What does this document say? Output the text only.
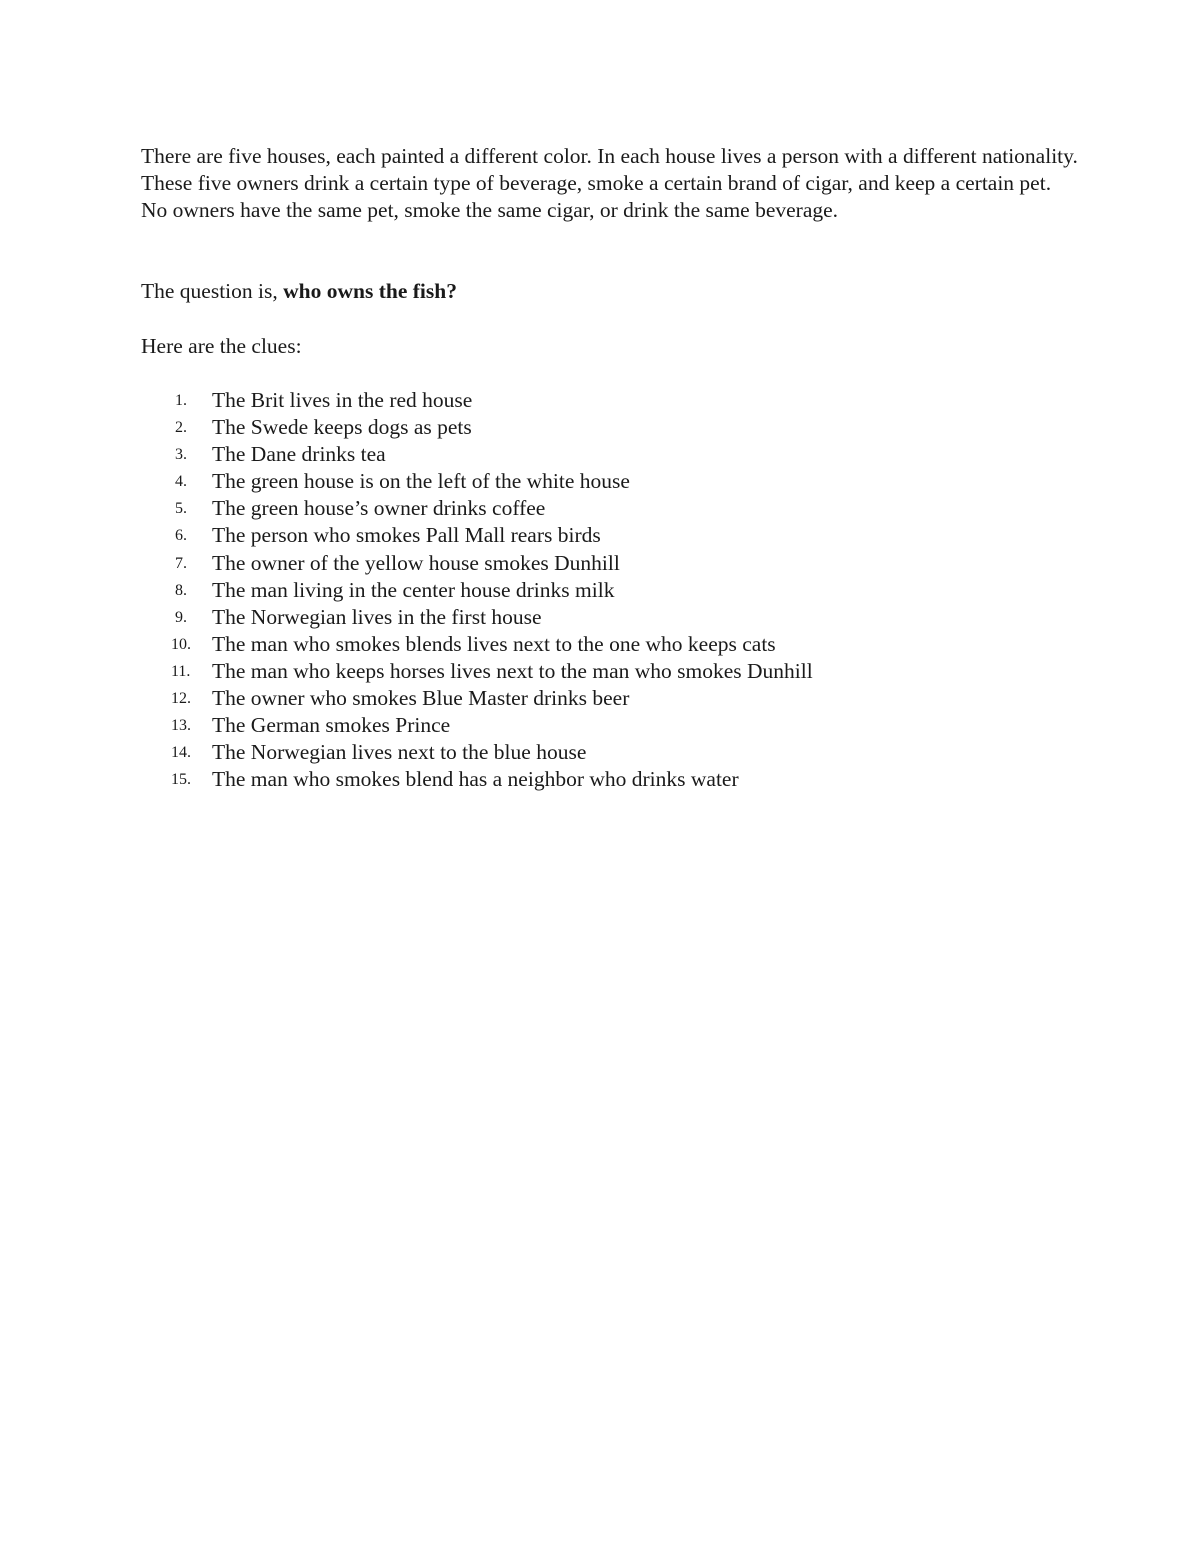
There are five houses, each painted a different color. In each house lives a person with a different nationality. These five owners drink a certain type of beverage, smoke a certain brand of cigar, and keep a certain pet. No owners have the same pet, smoke the same cigar, or drink the same beverage.

The question is, who owns the fish?

Here are the clues:

1.	The Brit lives in the red house
2.	The Swede keeps dogs as pets
3.	The Dane drinks tea
4.	The green house is on the left of the white house
5.	The green house’s owner drinks coffee
6.	The person who smokes Pall Mall rears birds
7.	The owner of the yellow house smokes Dunhill
8.	The man living in the center house drinks milk
9.	The Norwegian lives in the first house
10. The man who smokes blends lives next to the one who keeps cats
11. The man who keeps horses lives next to the man who smokes Dunhill
12. The owner who smokes Blue Master drinks beer
13. The German smokes Prince
14. The Norwegian lives next to the blue house
15. The man who smokes blend has a neighbor who drinks water
